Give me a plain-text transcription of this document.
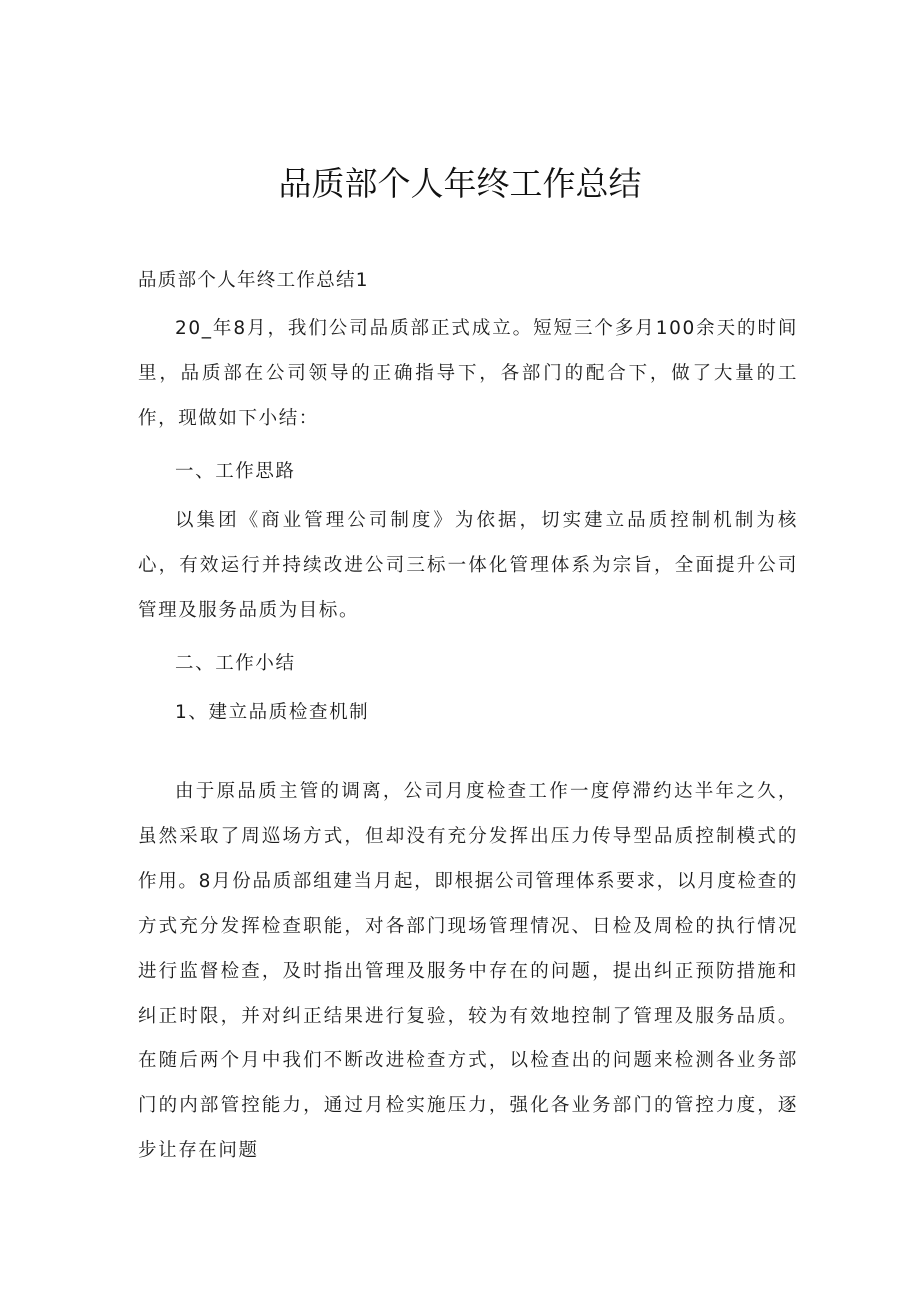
品质部个人年终工作总结

品质部个人年终工作总结1

20_年8月，我们公司品质部正式成立。短短三个多月100余天的时间里，品质部在公司领导的正确指导下，各部门的配合下，做了大量的工作，现做如下小结：

一、工作思路

以集团《商业管理公司制度》为依据，切实建立品质控制机制为核心，有效运行并持续改进公司三标一体化管理体系为宗旨，全面提升公司管理及服务品质为目标。

二、工作小结

1、建立品质检查机制

由于原品质主管的调离，公司月度检查工作一度停滞约达半年之久，虽然采取了周巡场方式，但却没有充分发挥出压力传导型品质控制模式的作用。8月份品质部组建当月起，即根据公司管理体系要求，以月度检查的方式充分发挥检查职能，对各部门现场管理情况、日检及周检的执行情况进行监督检查，及时指出管理及服务中存在的问题，提出纠正预防措施和纠正时限，并对纠正结果进行复验，较为有效地控制了管理及服务品质。在随后两个月中我们不断改进检查方式，以检查出的问题来检测各业务部门的内部管控能力，通过月检实施压力，强化各业务部门的管控力度，逐步让存在问题
